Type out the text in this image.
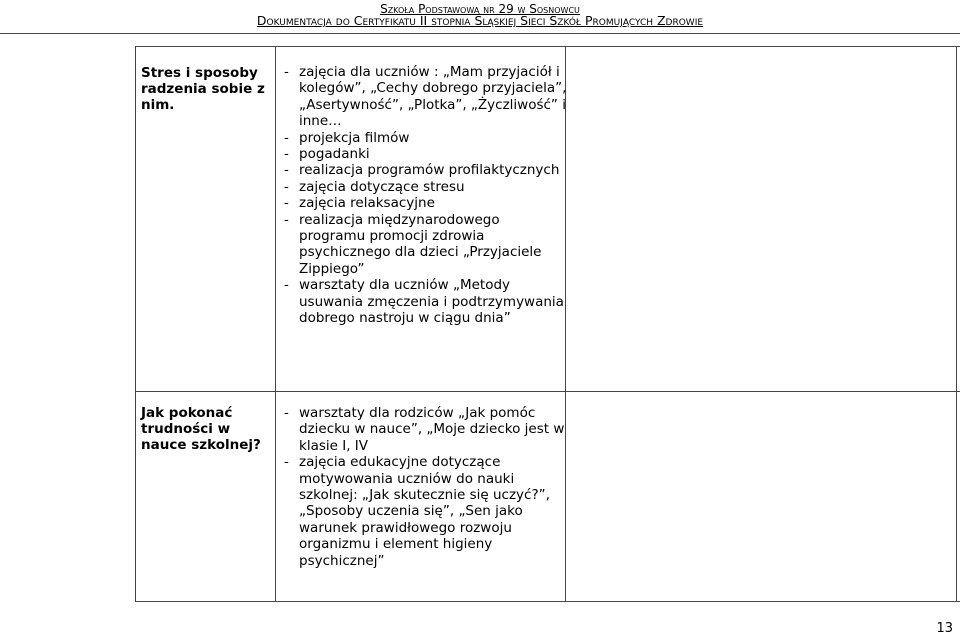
Szkoła Podstawowa nr 29 w Sosnowcu
Dokumentacja do Certyfikatu II stopnia Śląskiej Sieci Szkół Promujących Zdrowie
Stres i sposoby radzenia sobie z nim.
- zajęcia dla uczniów : „Mam przyjaciół i kolegów”, „Cechy dobrego przyjaciela”, „Asertywność”, „Plotka”, „Życzliwość” i inne…
- projekcja filmów
- pogadanki
- realizacja programów profilaktycznych
- zajęcia dotyczące stresu
- zajęcia relaksacyjne
- realizacja międzynarodowego programu promocji zdrowia psychicznego dla dzieci „Przyjaciele Zippiego”
- warsztaty dla uczniów „Metody usuwania zmęczenia i podtrzymywania dobrego nastroju w ciągu dnia”
Jak pokonać trudności w nauce szkolnej?
- warsztaty dla rodziców „Jak pomóc dziecku w nauce”, „Moje dziecko jest w klasie I, IV
- zajęcia edukacyjne dotyczące motywowania uczniów do nauki szkolnej: „Jak skutecznie się uczyć?”, „Sposoby uczenia się”, „Sen jako warunek prawidłowego rozwoju organizmu i element higieny psychicznej”
13
